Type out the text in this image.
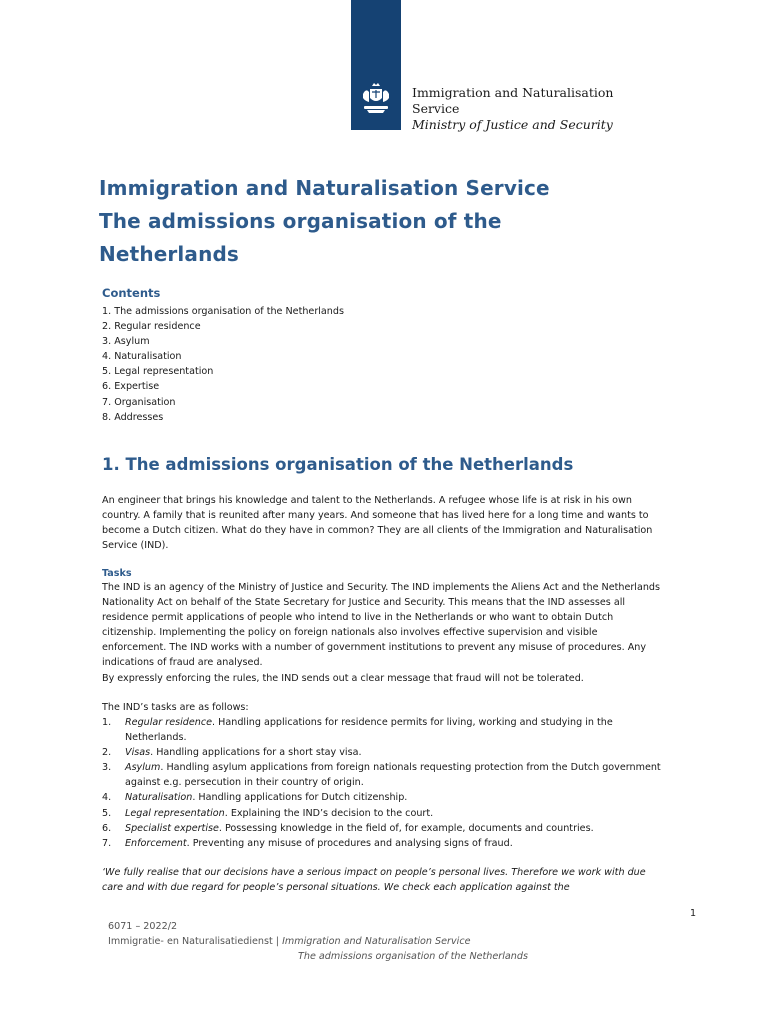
Immigration and Naturalisation
Service
Ministry of Justice and Security
Immigration and Naturalisation Service
The admissions organisation of the
Netherlands
Contents
1. The admissions organisation of the Netherlands
2. Regular residence
3. Asylum
4. Naturalisation
5. Legal representation
6. Expertise
7. Organisation
8. Addresses
1. The admissions organisation of the Netherlands

An engineer that brings his knowledge and talent to the Netherlands. A refugee whose life is at risk in his own country. A family that is reunited after many years. And someone that has lived here for a long time and wants to become a Dutch citizen. What do they have in common? They are all clients of the Immigration and Naturalisation Service (IND).

Tasks
The IND is an agency of the Ministry of Justice and Security. The IND implements the Aliens Act and the Netherlands Nationality Act on behalf of the State Secretary for Justice and Security. This means that the IND assesses all residence permit applications of people who intend to live in the Netherlands or who want to obtain Dutch citizenship. Implementing the policy on foreign nationals also involves effective supervision and visible enforcement. The IND works with a number of government institutions to prevent any misuse of procedures. Any indications of fraud are analysed.
By expressly enforcing the rules, the IND sends out a clear message that fraud will not be tolerated.

The IND’s tasks are as follows:

1.	Regular residence. Handling applications for residence permits for living, working and studying in the Netherlands.
2.	Visas. Handling applications for a short stay visa.
3.	Asylum. Handling asylum applications from foreign nationals requesting protection from the Dutch government against e.g. persecution in their country of origin.
4.	Naturalisation. Handling applications for Dutch citizenship.
5.	Legal representation. Explaining the IND’s decision to the court.
6.	Specialist expertise. Possessing knowledge in the field of, for example, documents and countries.
7.	Enforcement. Preventing any misuse of procedures and analysing signs of fraud.

‘We fully realise that our decisions have a serious impact on people’s personal lives. Therefore we work with due care and with due regard for people’s personal situations. We check each application against the

1
6071 – 2022/2
Immigratie- en Naturalisatiedienst | Immigration and Naturalisation Service
The admissions organisation of the Netherlands
